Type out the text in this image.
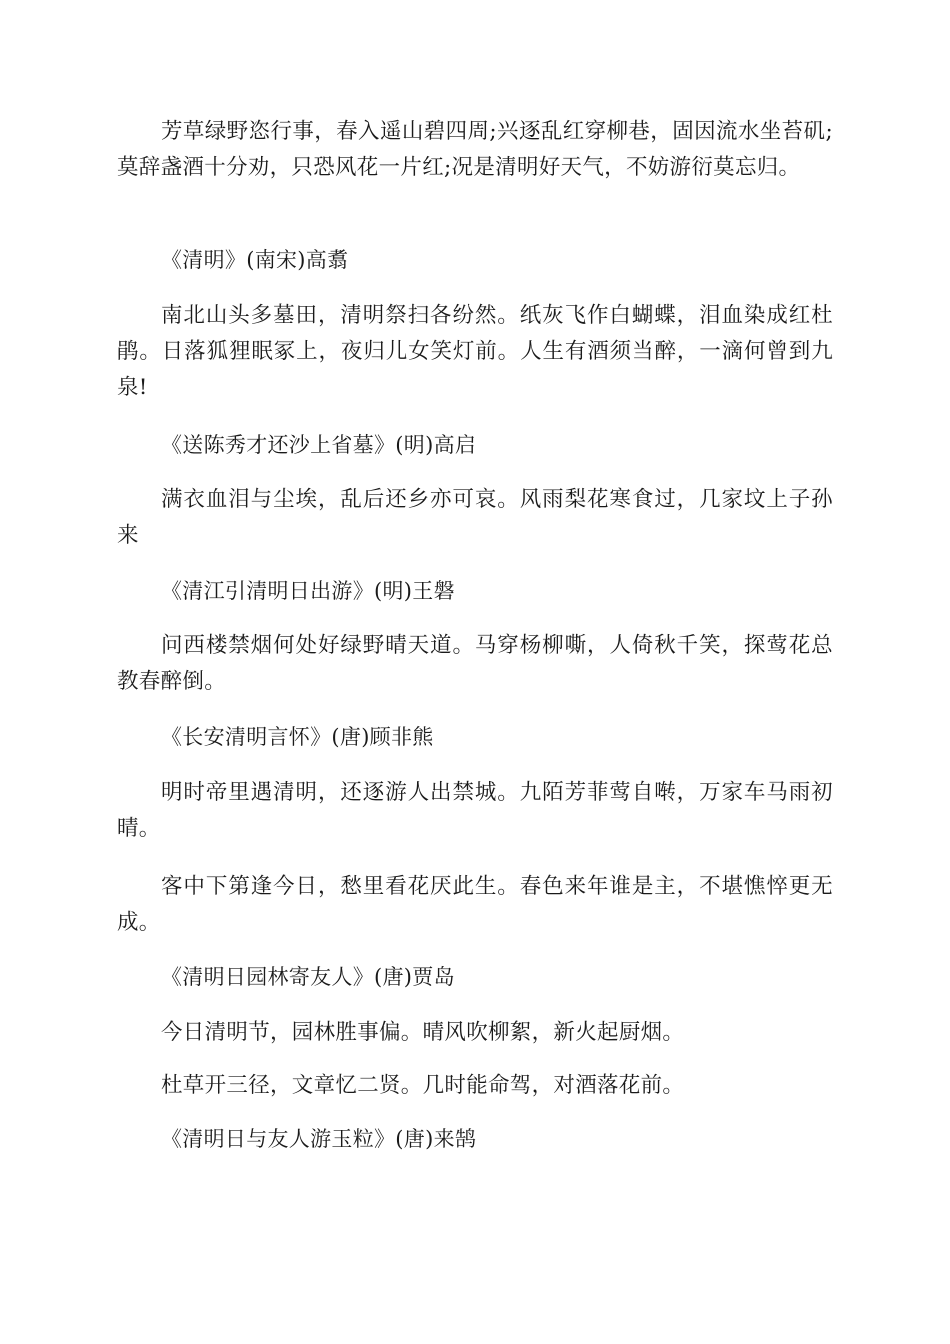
芳草绿野恣行事，春入遥山碧四周;兴逐乱红穿柳巷，固因流水坐苔矶;莫辞盏酒十分劝，只恐风花一片红;况是清明好天气，不妨游衍莫忘归。

《清明》(南宋)高翥

南北山头多墓田，清明祭扫各纷然。纸灰飞作白蝴蝶，泪血染成红杜鹃。日落狐狸眠冢上，夜归儿女笑灯前。人生有酒须当醉，一滴何曾到九泉!

《送陈秀才还沙上省墓》(明)高启

满衣血泪与尘埃，乱后还乡亦可哀。风雨梨花寒食过，几家坟上子孙来

《清江引清明日出游》(明)王磐

问西楼禁烟何处好绿野晴天道。马穿杨柳嘶，人倚秋千笑，探莺花总教春醉倒。

《长安清明言怀》(唐)顾非熊

明时帝里遇清明，还逐游人出禁城。九陌芳菲莺自啭，万家车马雨初晴。

客中下第逢今日，愁里看花厌此生。春色来年谁是主，不堪憔悴更无成。

《清明日园林寄友人》(唐)贾岛

今日清明节，园林胜事偏。晴风吹柳絮，新火起厨烟。

杜草开三径，文章忆二贤。几时能命驾，对酒落花前。

《清明日与友人游玉粒》(唐)来鹄
